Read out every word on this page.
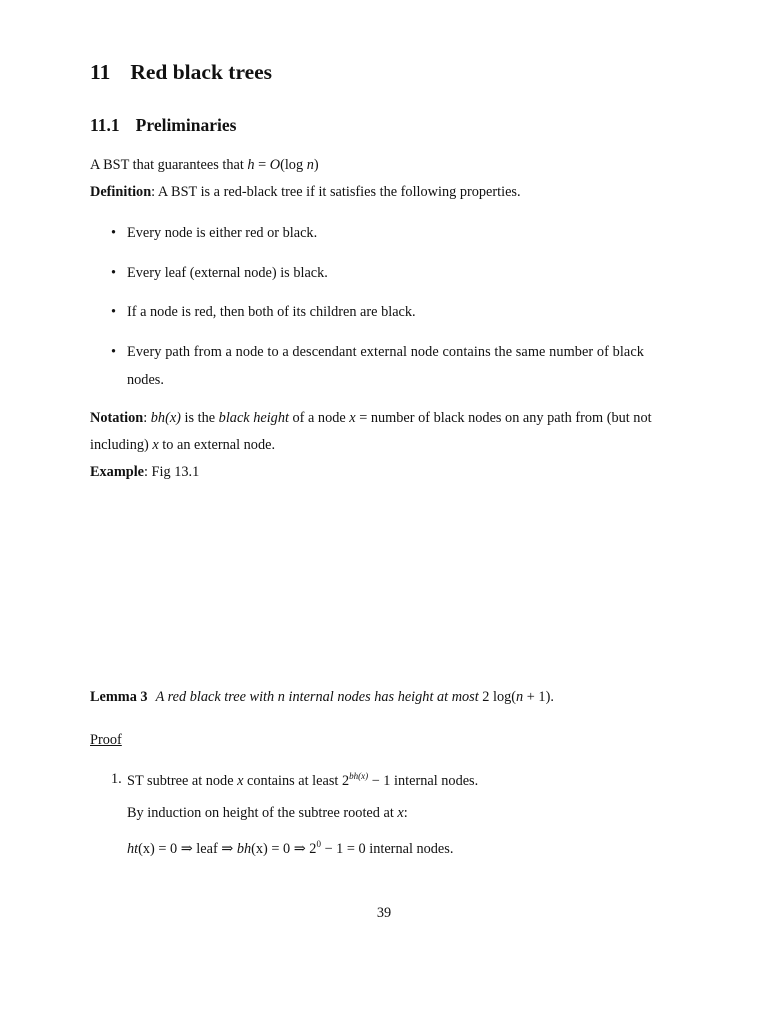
11 Red black trees
11.1 Preliminaries
A BST that guarantees that h = O(log n)
Definition: A BST is a red-black tree if it satisfies the following properties.
• Every node is either red or black.
• Every leaf (external node) is black.
• If a node is red, then both of its children are black.
• Every path from a node to a descendant external node contains the same number of black
nodes.
Notation: bh(x) is the black height of a node x = number of black nodes on any path from (but not
including) x to an external node.
Example: Fig 13.1
Lemma 3 A red black tree with n internal nodes has height at most 2 log(n + 1).
Proof
1. ST subtree at node x contains at least $2^{bh(x)} - 1$ internal nodes.
By induction on height of the subtree rooted at x:
ht(x) = 0 ⇒ leaf ⇒ bh(x) = 0 ⇒ $2^0 - 1 = 0$ internal nodes.
39
